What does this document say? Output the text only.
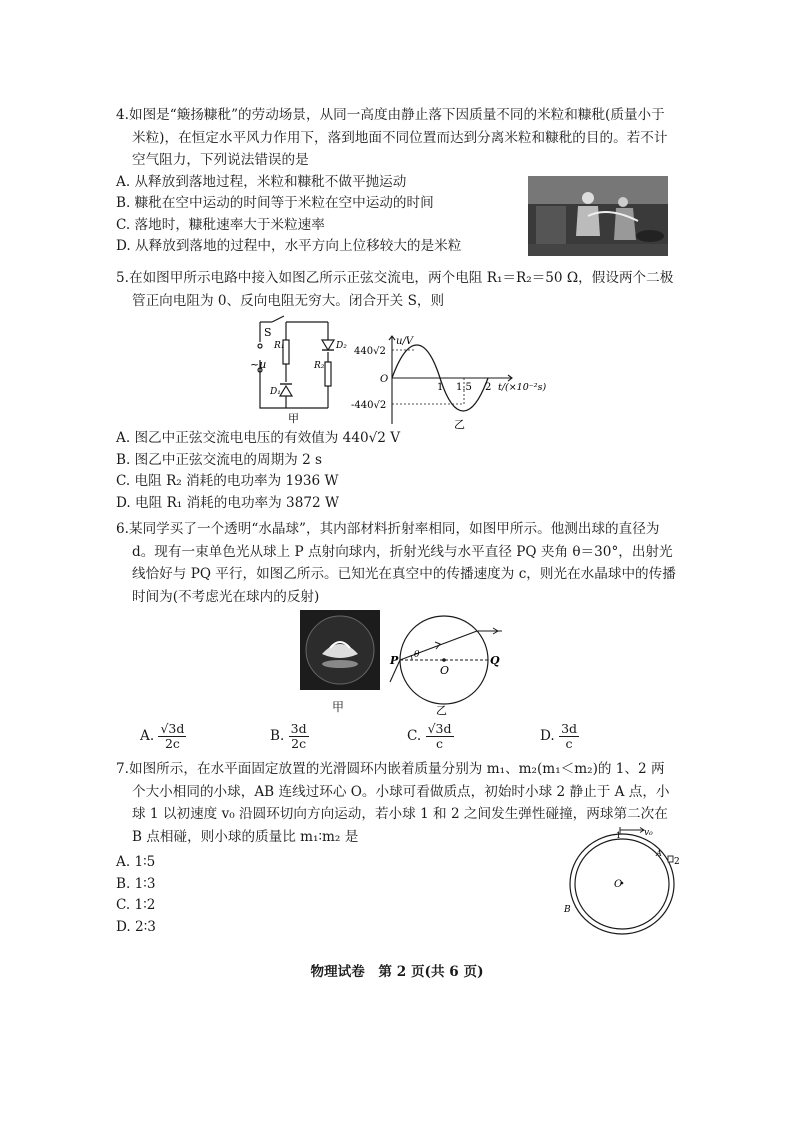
4.如图是“簸扬糠秕”的劳动场景，从同一高度由静止落下因质量不同的米粒和糠秕(质量小于米粒)，在恒定水平风力作用下，落到地面不同位置而达到分离米粒和糠秕的目的。若不计空气阻力，下列说法错误的是
A. 从释放到落地过程，米粒和糠秕不做平抛运动
B. 糠秕在空中运动的时间等于米粒在空中运动的时间
C. 落地时，糠秕速率大于米粒速率
D. 从释放到落地的过程中，水平方向上位移较大的是米粒
5.在如图甲所示电路中接入如图乙所示正弦交流电，两个电阻 R₁＝R₂＝50 Ω，假设两个二极管正向电阻为 0、反向电阻无穷大。闭合开关 S，则
S
~u
R₁
R₂
D₁
D₂
甲
u/V
440√2
-440√2
O
1 1.5 2 t/(×10⁻²s)
乙
A. 图乙中正弦交流电电压的有效值为 440√2 V
B. 图乙中正弦交流电的周期为 2 s
C. 电阻 R₂ 消耗的电功率为 1936 W
D. 电阻 R₁ 消耗的电功率为 3872 W
6.某同学买了一个透明“水晶球”，其内部材料折射率相同，如图甲所示。他测出球的直径为 d。现有一束单色光从球上 P 点射向球内，折射光线与水平直径 PQ 夹角 θ＝30°，出射光线恰好与 PQ 平行，如图乙所示。已知光在真空中的传播速度为 c，则光在水晶球中的传播时间为(不考虑光在球内的反射)
甲
P	Q
O
θ
乙
A. $\frac{√3d}{2c}$	B. $\frac{3d}{2c}$	C. $\frac{√3d}{c}$	D. $\frac{3d}{c}$
7.如图所示，在水平面固定放置的光滑圆环内嵌着质量分别为 m₁、m₂(m₁＜m₂)的 1、2 两个大小相同的小球，AB 连线过环心 O。小球可看做质点，初始时小球 2 静止于 A 点，小球 1 以初速度 v₀ 沿圆环切向方向运动，若小球 1 和 2 之间发生弹性碰撞，两球第二次在 B 点相碰，则小球的质量比 m₁∶m₂ 是
A. 1∶5
B. 1∶3
C. 1∶2
D. 2∶3
v₀
A
2
1
B
O
物理试卷　第 2 页(共 6 页)
